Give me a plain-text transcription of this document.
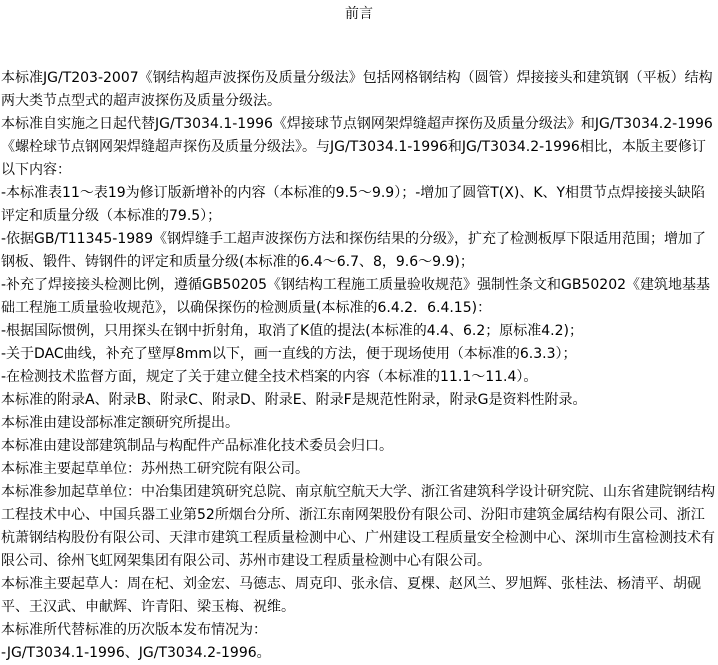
前言

本标准JG/T203-2007《钢结构超声波探伤及质量分级法》包括网格钢结构（圆管）焊接接头和建筑钢（平板）结构两大类节点型式的超声波探伤及质量分级法。

本标准自实施之日起代替JG/T3034.1-1996《焊接球节点钢网架焊缝超声探伤及质量分级法》和JG/T3034.2-1996《螺栓球节点钢网架焊缝超声探伤及质量分级法》。与JG/T3034.1-1996和JG/T3034.2-1996相比，本版主要修订以下内容：

-本标准表11～表19为修订版新增补的内容（本标准的9.5～9.9）；-增加了圆管T(X)、K、Y相贯节点焊接接头缺陷评定和质量分级（本标准的79.5）；

-依据GB/T11345-1989《钢焊缝手工超声波探伤方法和探伤结果的分级》，扩充了检测板厚下限适用范围；增加了钢板、锻件、铸钢件的评定和质量分级(本标准的6.4～6.7、8，9.6～9.9)；

-补充了焊接接头检测比例，遵循GB50205《钢结构工程施工质量验收规范》强制性条文和GB50202《建筑地基基础工程施工质量验收规范》，以确保探伤的检测质量(本标准的6.4.2．6.4.15)：

-根据国际惯例，只用探头在钢中折射角，取消了K值的提法(本标准的4.4、6.2；原标准4.2)；

-关于DAC曲线，补充了壁厚8mm以下，画一直线的方法，便于现场使用（本标准的6.3.3）；

-在检测技术监督方面，规定了关于建立健全技术档案的内容（本标准的11.1～11.4）。

本标准的附录A、附录B、附录C、附录D、附录E、附录F是规范性附录，附录G是资料性附录。

本标准由建设部标准定额研究所提出。

本标准由建设部建筑制品与构配件产品标准化技术委员会归口。

本标准主要起草单位：苏州热工研究院有限公司。

本标准参加起草单位：中冶集团建筑研究总院、南京航空航天大学、浙江省建筑科学设计研究院、山东省建院钢结构工程技术中心、中国兵器工业第52所烟台分所、浙江东南网架股份有限公司、汾阳市建筑金属结构有限公司、浙江杭萧钢结构股份有限公司、天津市建筑工程质量检测中心、广州建设工程质量安全检测中心、深圳市生富检测技术有限公司、徐州飞虹网架集团有限公司、苏州市建设工程质量检测中心有限公司。

本标准主要起草人：周在杞、刘金宏、马德志、周克印、张永信、夏棵、赵风兰、罗旭辉、张桂法、杨清平、胡砚平、王汉武、申献辉、许青阳、梁玉梅、祝维。

本标准所代替标准的历次版本发布情况为：

-JG/T3034.1-1996、JG/T3034.2-1996。
